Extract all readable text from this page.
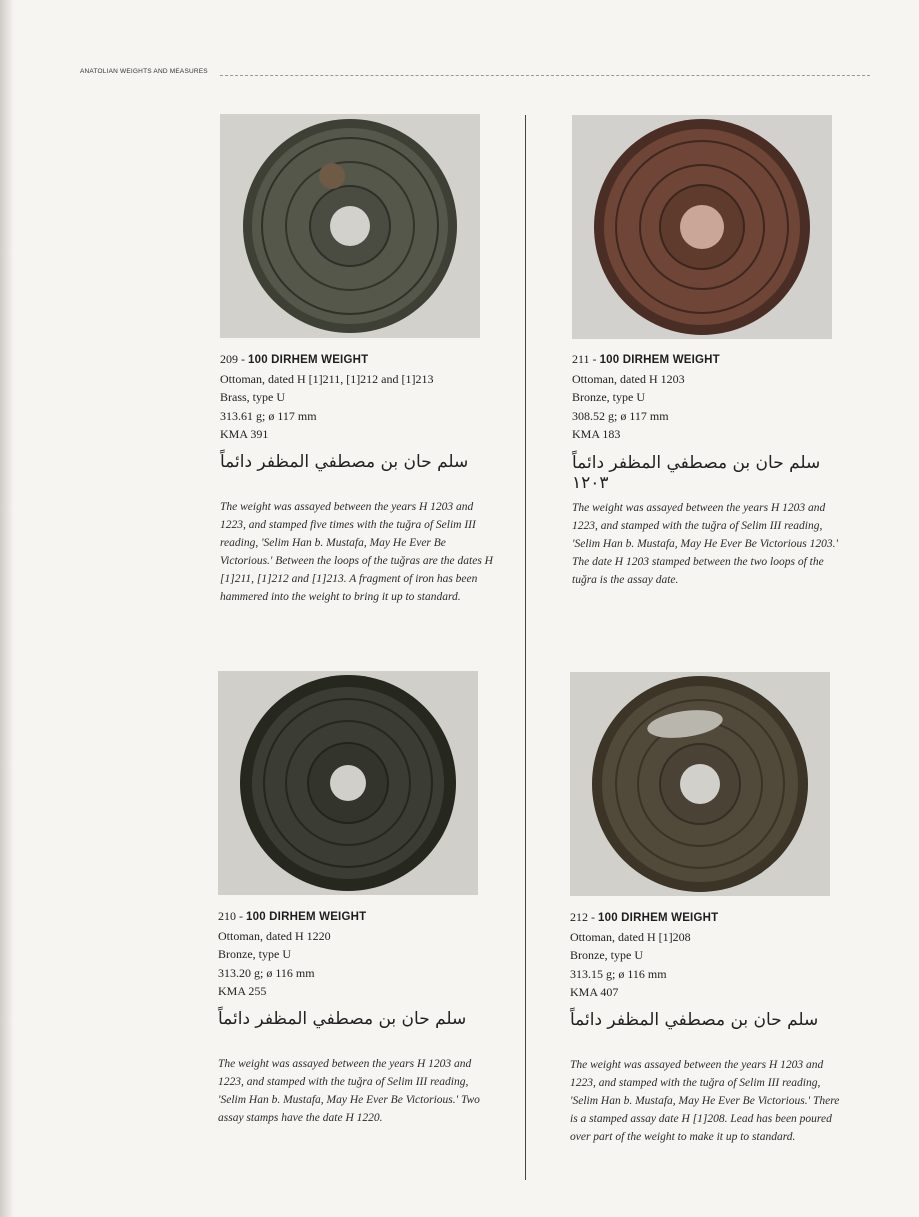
ANATOLIAN WEIGHTS AND MEASURES
209 - 100 DIRHEM WEIGHT
Ottoman, dated H [1]211, [1]212 and [1]213
Brass, type U
313.61 g; ø 117 mm
KMA 391
سلم حان بن مصطفي المظفر دائماً
The weight was assayed between the years H 1203 and 1223, and stamped five times with the tuğra of Selim III reading, 'Selim Han b. Mustafa, May He Ever Be Victorious.' Between the loops of the tuğras are the dates H [1]211, [1]212 and [1]213. A fragment of iron has been hammered into the weight to bring it up to standard.
211 - 100 DIRHEM WEIGHT
Ottoman, dated H 1203
Bronze, type U
308.52 g; ø 117 mm
KMA 183
سلم حان بن مصطفي المظفر دائماً ١٢٠٣
The weight was assayed between the years H 1203 and 1223, and stamped with the tuğra of Selim III reading, 'Selim Han b. Mustafa, May He Ever Be Victorious 1203.' The date H 1203 stamped between the two loops of the tuğra is the assay date.
210 - 100 DIRHEM WEIGHT
Ottoman, dated H 1220
Bronze, type U
313.20 g; ø 116 mm
KMA 255
سلم حان بن مصطفي المظفر دائماً
The weight was assayed between the years H 1203 and 1223, and stamped with the tuğra of Selim III reading, 'Selim Han b. Mustafa, May He Ever Be Victorious.' Two assay stamps have the date H 1220.
212 - 100 DIRHEM WEIGHT
Ottoman, dated H [1]208
Bronze, type U
313.15 g; ø 116 mm
KMA 407
سلم حان بن مصطفي المظفر دائماً
The weight was assayed between the years H 1203 and 1223, and stamped with the tuğra of Selim III reading, 'Selim Han b. Mustafa, May He Ever Be Victorious.' There is a stamped assay date H [1]208. Lead has been poured over part of the weight to make it up to standard.
